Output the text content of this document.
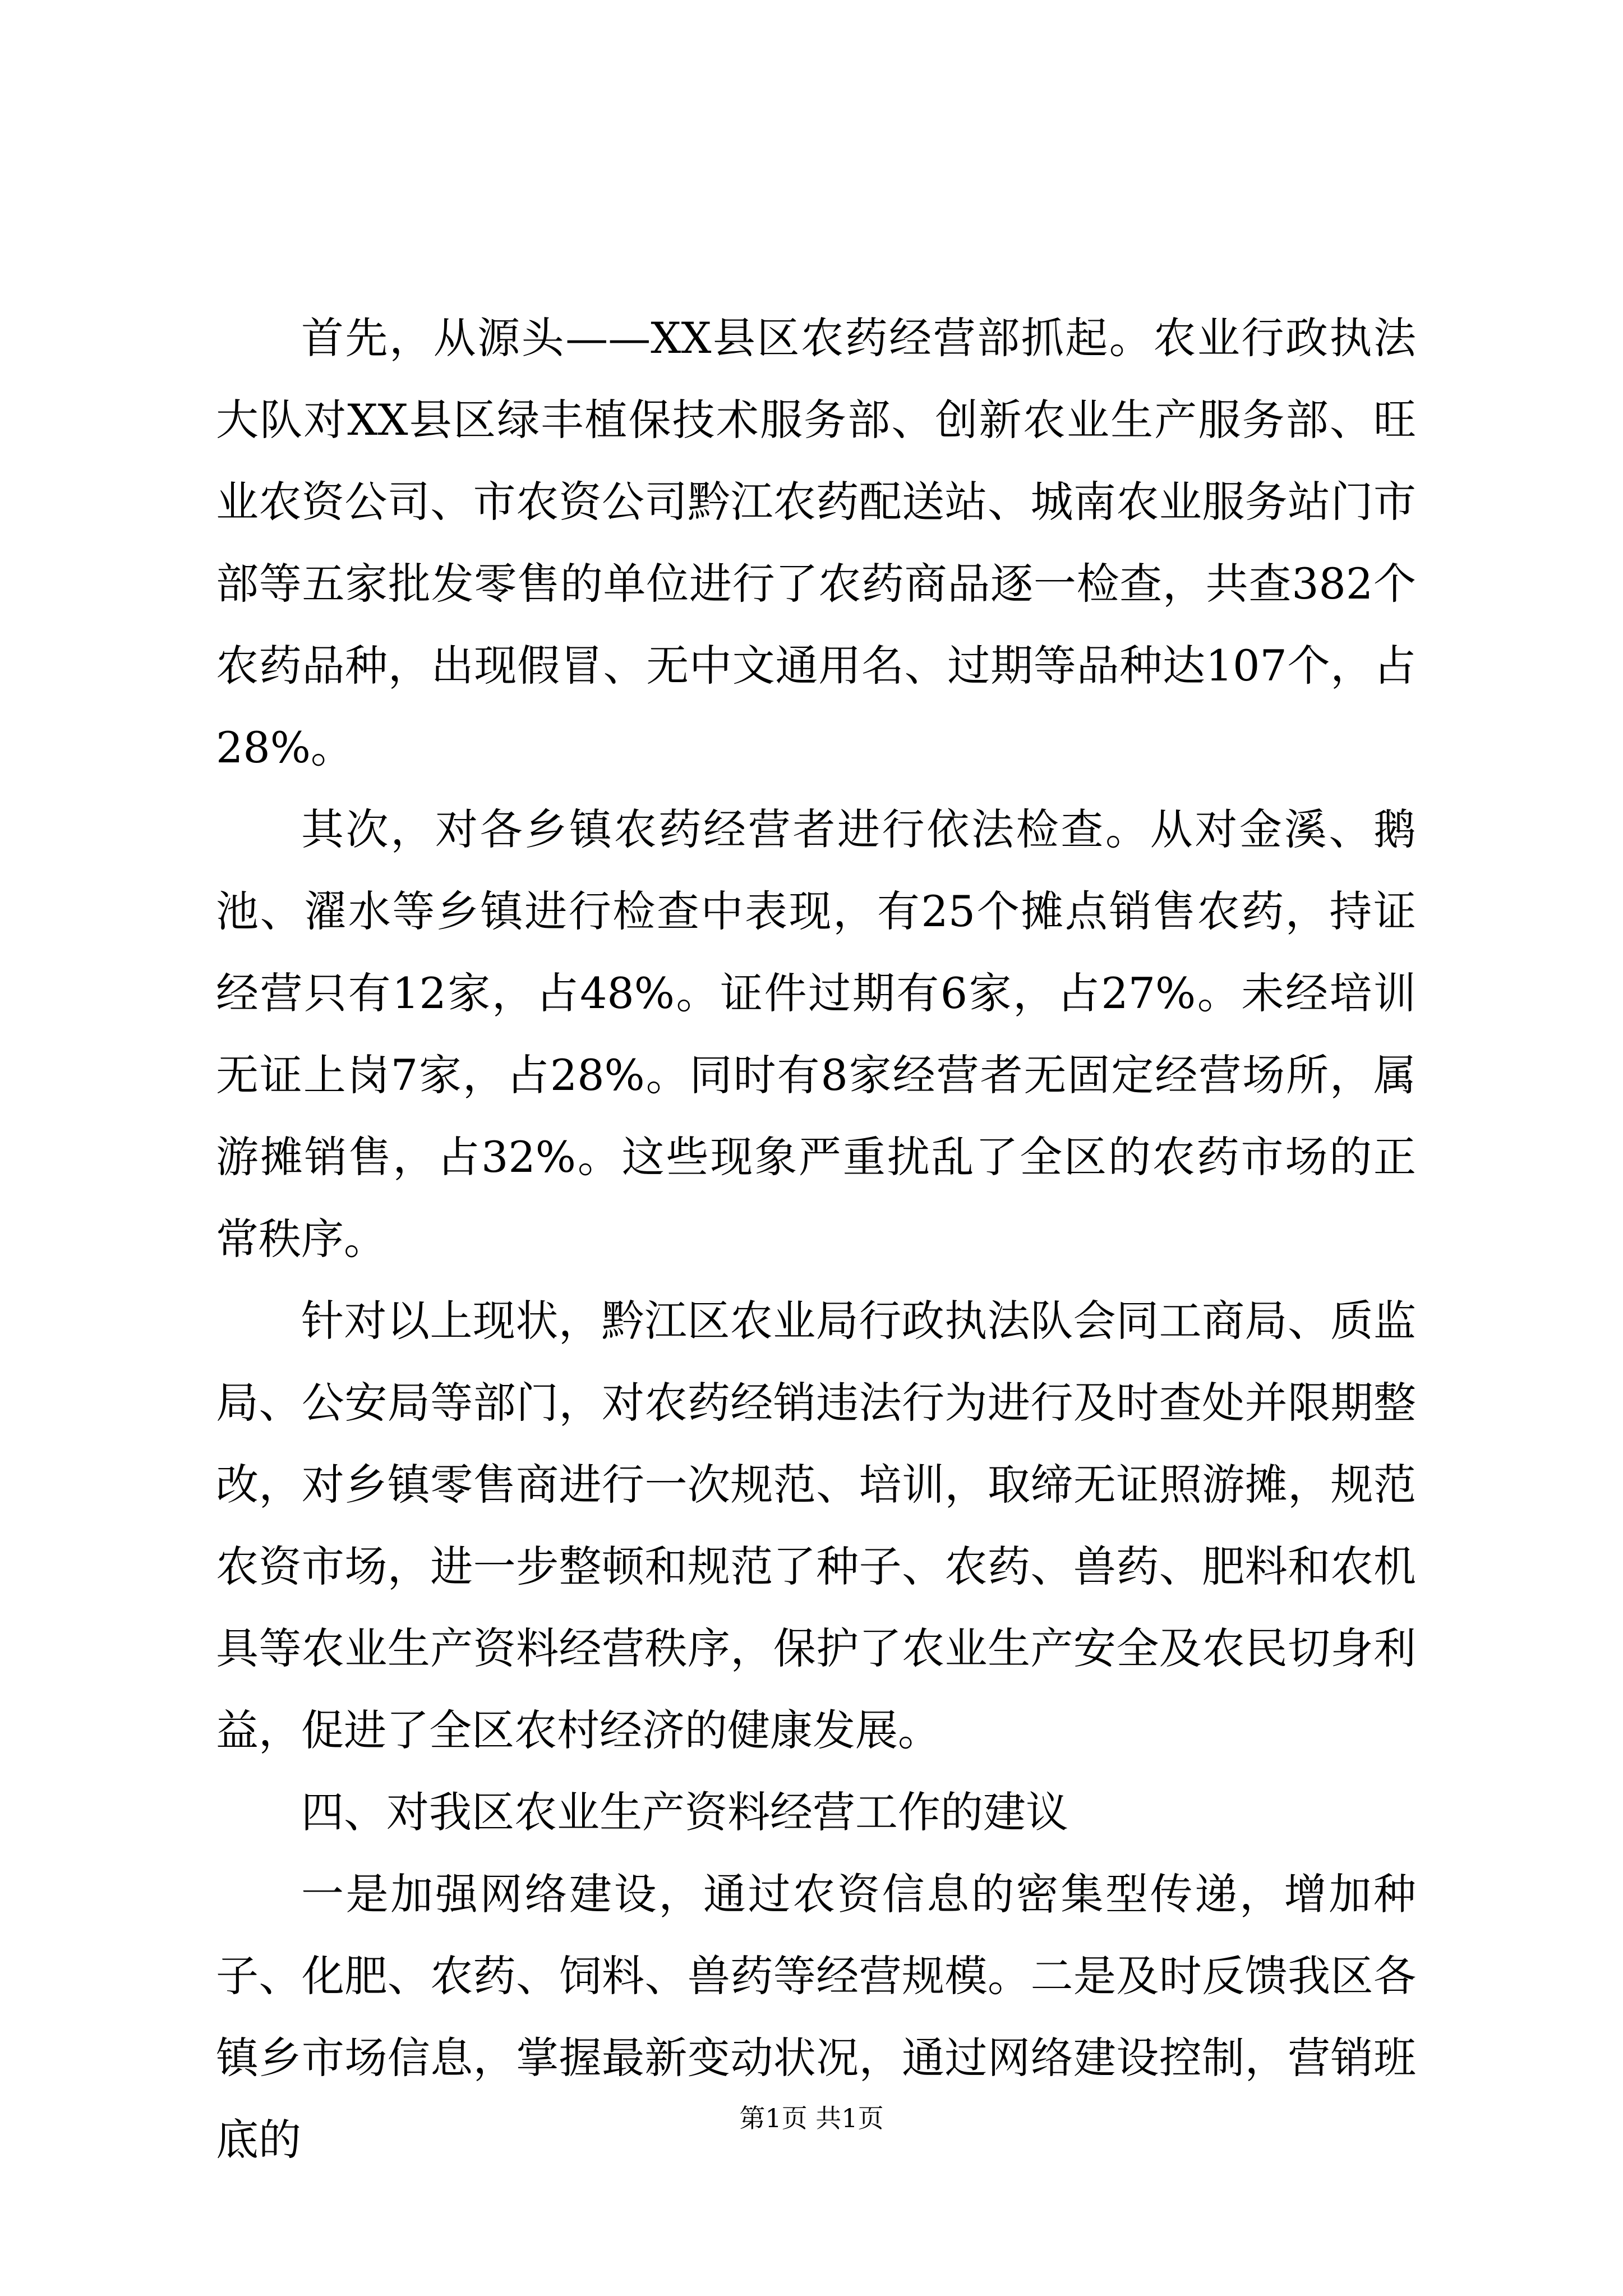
首先，从源头——XX县区农药经营部抓起。农业行政执法大队对XX县区绿丰植保技术服务部、创新农业生产服务部、旺业农资公司、市农资公司黔江农药配送站、城南农业服务站门市部等五家批发零售的单位进行了农药商品逐一检查，共查382个农药品种，出现假冒、无中文通用名、过期等品种达107个，占28%。

其次，对各乡镇农药经营者进行依法检查。从对金溪、鹅池、濯水等乡镇进行检查中表现，有25个摊点销售农药，持证经营只有12家，占48%。证件过期有6家，占27%。未经培训无证上岗7家，占28%。同时有8家经营者无固定经营场所，属游摊销售，占32%。这些现象严重扰乱了全区的农药市场的正常秩序。

针对以上现状，黔江区农业局行政执法队会同工商局、质监局、公安局等部门，对农药经销违法行为进行及时查处并限期整改，对乡镇零售商进行一次规范、培训，取缔无证照游摊，规范农资市场，进一步整顿和规范了种子、农药、兽药、肥料和农机具等农业生产资料经营秩序，保护了农业生产安全及农民切身利益，促进了全区农村经济的健康发展。

四、对我区农业生产资料经营工作的建议

一是加强网络建设，通过农资信息的密集型传递，增加种子、化肥、农药、饲料、兽药等经营规模。二是及时反馈我区各镇乡市场信息，掌握最新变动状况，通过网络建设控制，营销班底的	第1页 共1页
